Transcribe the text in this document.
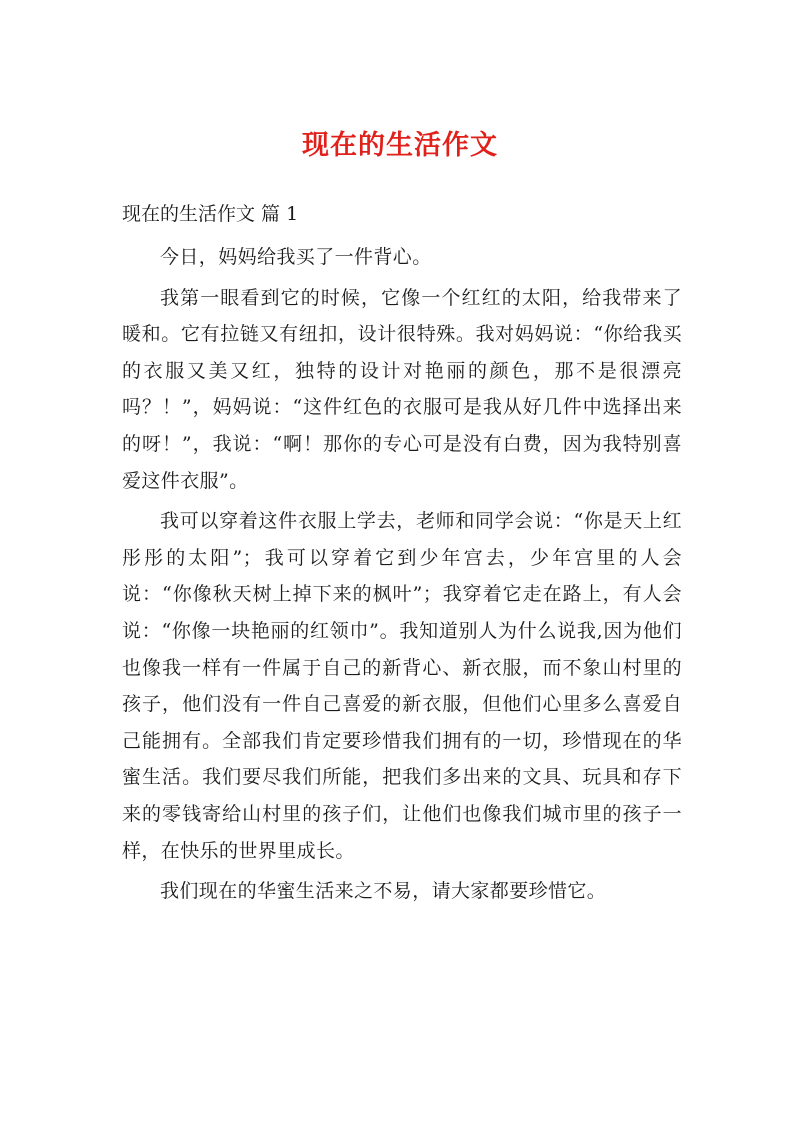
现在的生活作文

现在的生活作文 篇 1

今日，妈妈给我买了一件背心。

我第一眼看到它的时候，它像一个红红的太阳，给我带来了暖和。它有拉链又有纽扣，设计很特殊。我对妈妈说：“你给我买的衣服又美又红，独特的设计对艳丽的颜色，那不是很漂亮吗？！”，妈妈说：“这件红色的衣服可是我从好几件中选择出来的呀！”，我说：“啊！那你的专心可是没有白费，因为我特别喜爱这件衣服”。

我可以穿着这件衣服上学去，老师和同学会说：“你是天上红彤彤的太阳”；我可以穿着它到少年宫去，少年宫里的人会说：“你像秋天树上掉下来的枫叶”；我穿着它走在路上，有人会说：“你像一块艳丽的红领巾”。我知道别人为什么说我,因为他们也像我一样有一件属于自己的新背心、新衣服，而不象山村里的孩子，他们没有一件自己喜爱的新衣服，但他们心里多么喜爱自己能拥有。全部我们肯定要珍惜我们拥有的一切，珍惜现在的华蜜生活。我们要尽我们所能，把我们多出来的文具、玩具和存下来的零钱寄给山村里的孩子们，让他们也像我们城市里的孩子一样，在快乐的世界里成长。

我们现在的华蜜生活来之不易，请大家都要珍惜它。
